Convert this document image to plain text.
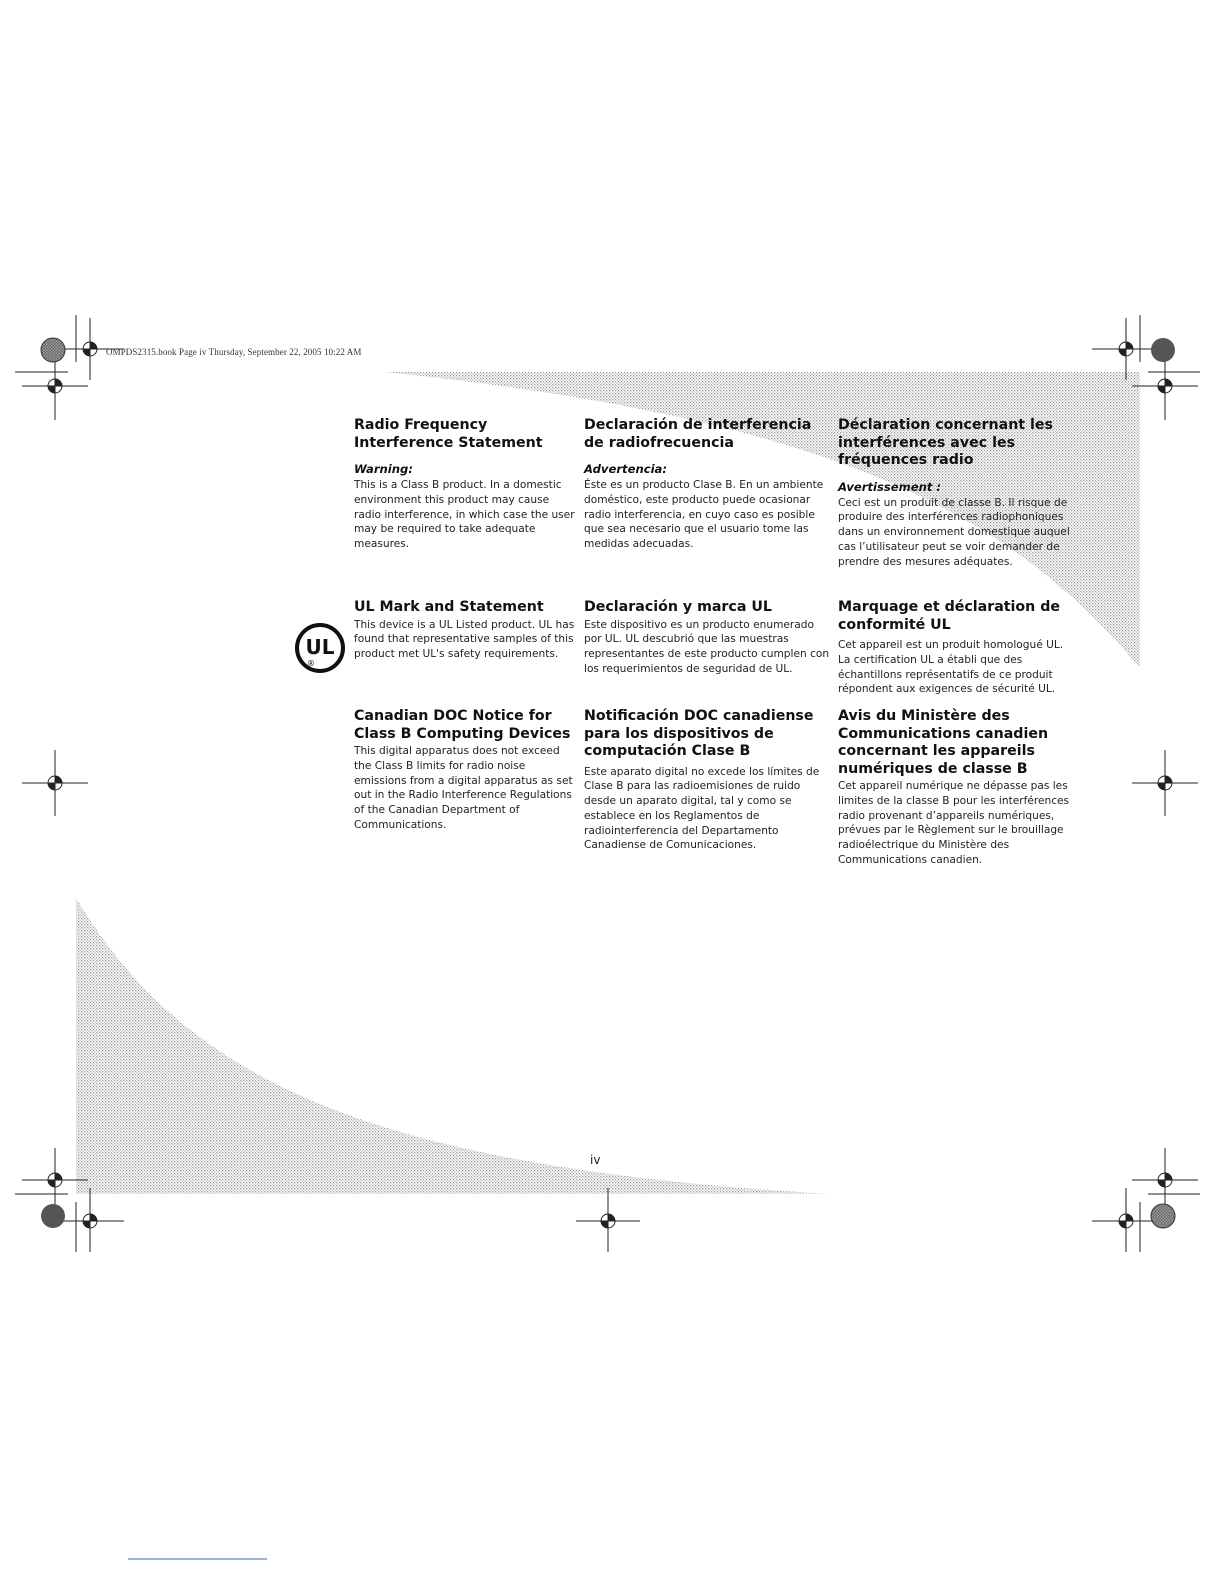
OMPDS2315.book Page iv Thursday, September 22, 2005 10:22 AM
UL
®
Radio Frequency Interference Statement
Warning:

This is a Class B product. In a domestic environment this product may cause radio interference, in which case the user may be required to take adequate measures.

Declaración de interferencia de radiofrecuencia
Advertencia:

Éste es un producto Clase B. En un ambiente doméstico, este producto puede ocasionar radio interferencia, en cuyo caso es posible que sea necesario que el usuario tome las medidas adecuadas.

Déclaration concernant les interférences avec les fréquences radio
Avertissement :

Ceci est un produit de classe B. Il risque de produire des interférences radiophoniques dans un environnement domestique auquel cas l’utilisateur peut se voir demander de prendre des mesures adéquates.

UL Mark and Statement

This device is a UL Listed product. UL has found that representative samples of this product met UL's safety requirements.

Declaración y marca UL

Este dispositivo es un producto enumerado por UL. UL descubrió que las muestras representantes de este producto cumplen con los requerimientos de seguridad de UL.

Marquage et déclaration de conformité UL

Cet appareil est un produit homologué UL. La certification UL a établi que des échantillons représentatifs de ce produit répondent aux exigences de sécurité UL.

Canadian DOC Notice for Class B Computing Devices

This digital apparatus does not exceed the Class B limits for radio noise emissions from a digital apparatus as set out in the Radio Interference Regulations of the Canadian Department of Communications.

Notificación DOC canadiense para los dispositivos de computación Clase B

Este aparato digital no excede los límites de Clase B para las radioemisiones de ruido desde un aparato digital, tal y como se establece en los Reglamentos de radiointerferencia del Departamento Canadiense de Comunicaciones.

Avis du Ministère des Communications canadien concernant les appareils numériques de classe B

Cet appareil numérique ne dépasse pas les limites de la classe B pour les interférences radio provenant d’appareils numériques, prévues par le Règlement sur le brouillage radioélectrique du Ministère des Communications canadien.

iv
